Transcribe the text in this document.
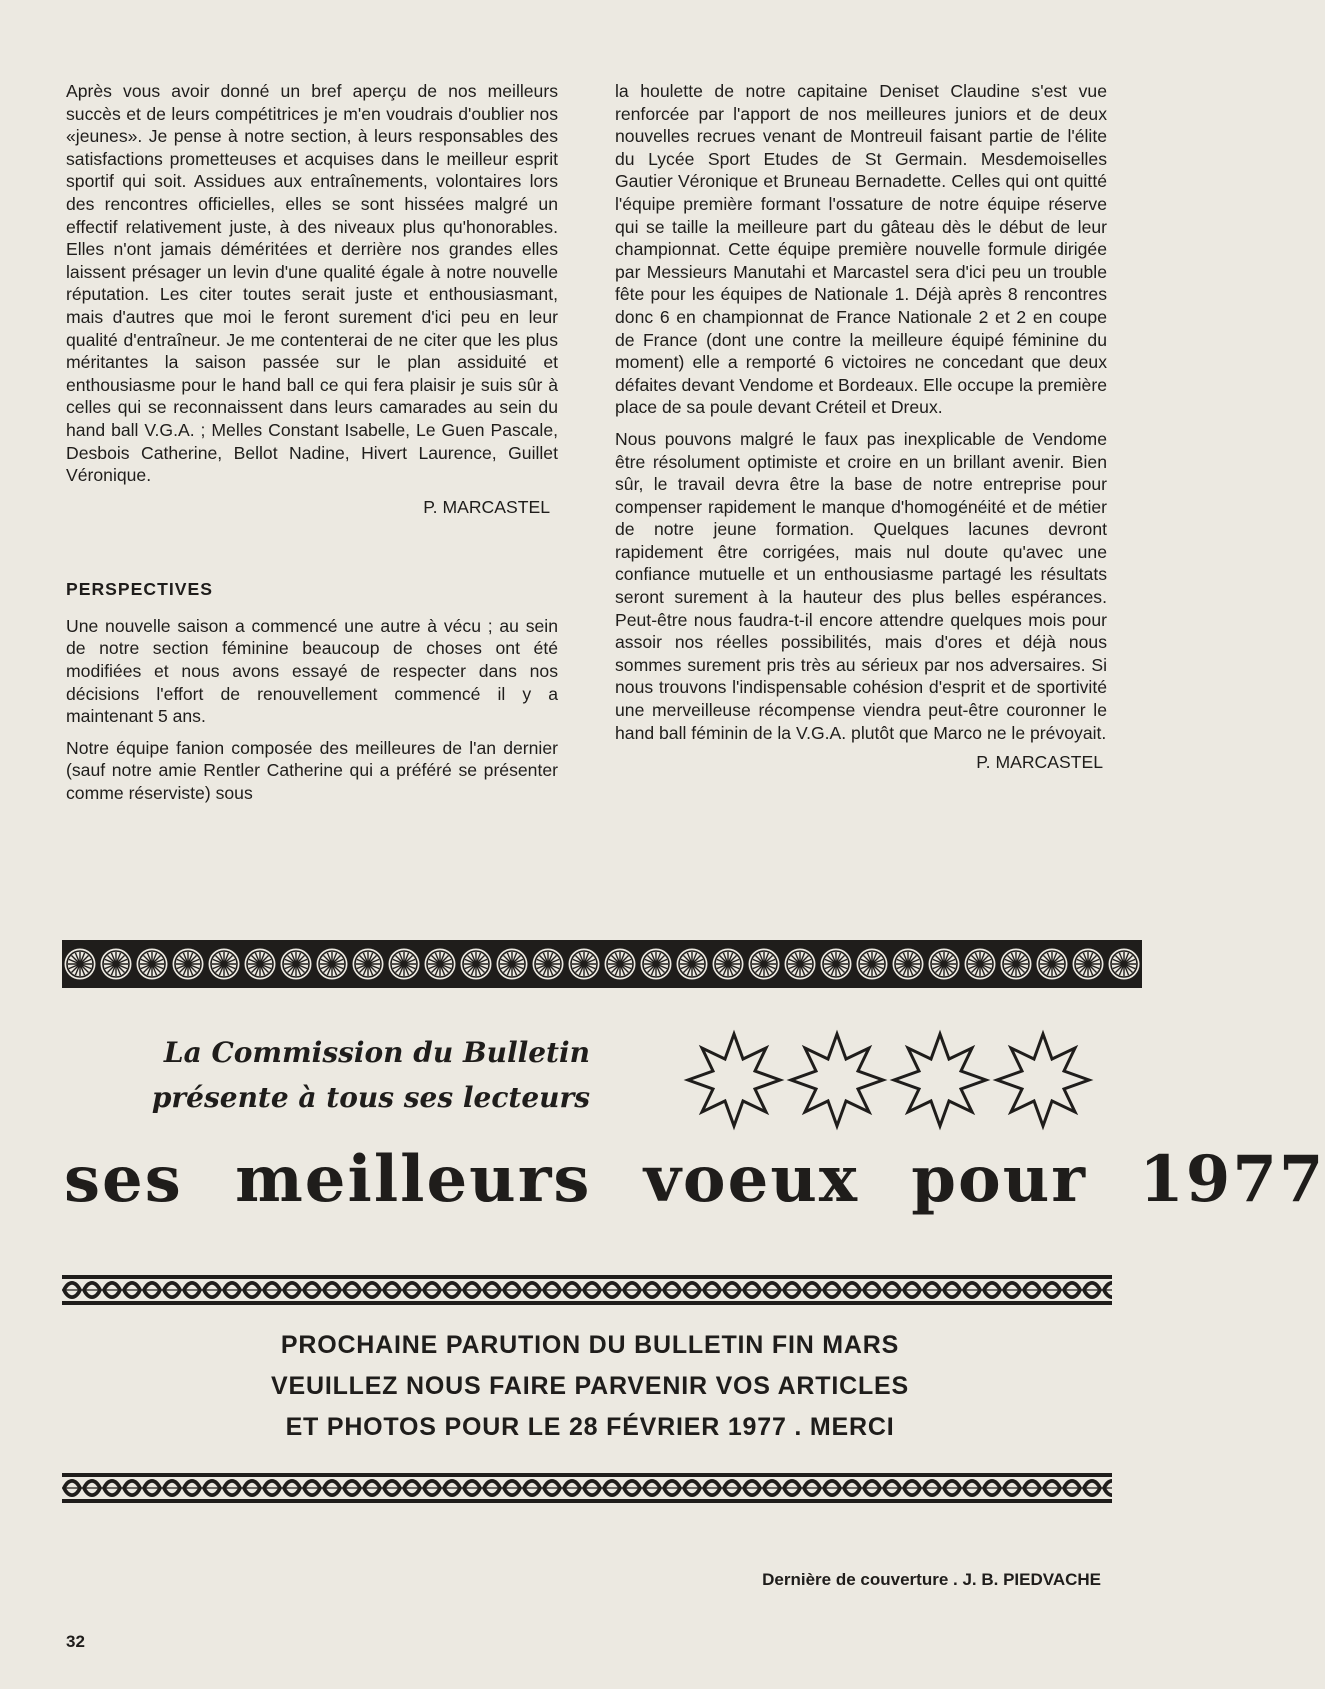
Après vous avoir donné un bref aperçu de nos meilleurs succès et de leurs compétitrices je m'en voudrais d'oublier nos «jeunes». Je pense à notre section, à leurs responsables des satisfactions prometteuses et acquises dans le meilleur esprit sportif qui soit. Assidues aux entraînements, volontaires lors des rencontres officielles, elles se sont hissées malgré un effectif relativement juste, à des niveaux plus qu'honorables. Elles n'ont jamais déméritées et derrière nos grandes elles laissent présager un levin d'une qualité égale à notre nouvelle réputation. Les citer toutes serait juste et enthousiasmant, mais d'autres que moi le feront surement d'ici peu en leur qualité d'entraîneur. Je me contenterai de ne citer que les plus méritantes la saison passée sur le plan assiduité et enthousiasme pour le hand ball ce qui fera plaisir je suis sûr à celles qui se reconnaissent dans leurs camarades au sein du hand ball V.G.A. ; Melles Constant Isabelle, Le Guen Pascale, Desbois Catherine, Bellot Nadine, Hivert Laurence, Guillet Véronique.

P. MARCASTEL
PERSPECTIVES

Une nouvelle saison a commencé une autre à vécu ; au sein de notre section féminine beaucoup de choses ont été modifiées et nous avons essayé de respecter dans nos décisions l'effort de renouvellement commencé il y a maintenant 5 ans.

Notre équipe fanion composée des meilleures de l'an dernier (sauf notre amie Rentler Catherine qui a préféré se présenter comme réserviste) sous

la houlette de notre capitaine Deniset Claudine s'est vue renforcée par l'apport de nos meilleures juniors et de deux nouvelles recrues venant de Montreuil faisant partie de l'élite du Lycée Sport Etudes de St Germain. Mesdemoiselles Gautier Véronique et Bruneau Bernadette. Celles qui ont quitté l'équipe première formant l'ossature de notre équipe réserve qui se taille la meilleure part du gâteau dès le début de leur championnat. Cette équipe première nouvelle formule dirigée par Messieurs Manutahi et Marcastel sera d'ici peu un trouble fête pour les équipes de Nationale 1. Déjà après 8 rencontres donc 6 en championnat de France Nationale 2 et 2 en coupe de France (dont une contre la meilleure équipé féminine du moment) elle a remporté 6 victoires ne concedant que deux défaites devant Vendome et Bordeaux. Elle occupe la première place de sa poule devant Créteil et Dreux.

Nous pouvons malgré le faux pas inexplicable de Vendome être résolument optimiste et croire en un brillant avenir. Bien sûr, le travail devra être la base de notre entreprise pour compenser rapidement le manque d'homogénéité et de métier de notre jeune formation. Quelques lacunes devront rapidement être corrigées, mais nul doute qu'avec une confiance mutuelle et un enthousiasme partagé les résultats seront surement à la hauteur des plus belles espérances. Peut-être nous faudra-t-il encore attendre quelques mois pour assoir nos réelles possibilités, mais d'ores et déjà nous sommes surement pris très au sérieux par nos adversaires. Si nous trouvons l'indispensable cohésion d'esprit et de sportivité une merveilleuse récompense viendra peut-être couronner le hand ball féminin de la V.G.A. plutôt que Marco ne le prévoyait.

P. MARCASTEL
La Commission du Bulletin
présente à tous ses lecteurs
ses meilleurs voeux pour 1977
PROCHAINE PARUTION DU BULLETIN FIN MARS
VEUILLEZ NOUS FAIRE PARVENIR VOS ARTICLES
ET PHOTOS POUR LE 28 FÉVRIER 1977 . MERCI
Dernière de couverture . J. B. PIEDVACHE
32
